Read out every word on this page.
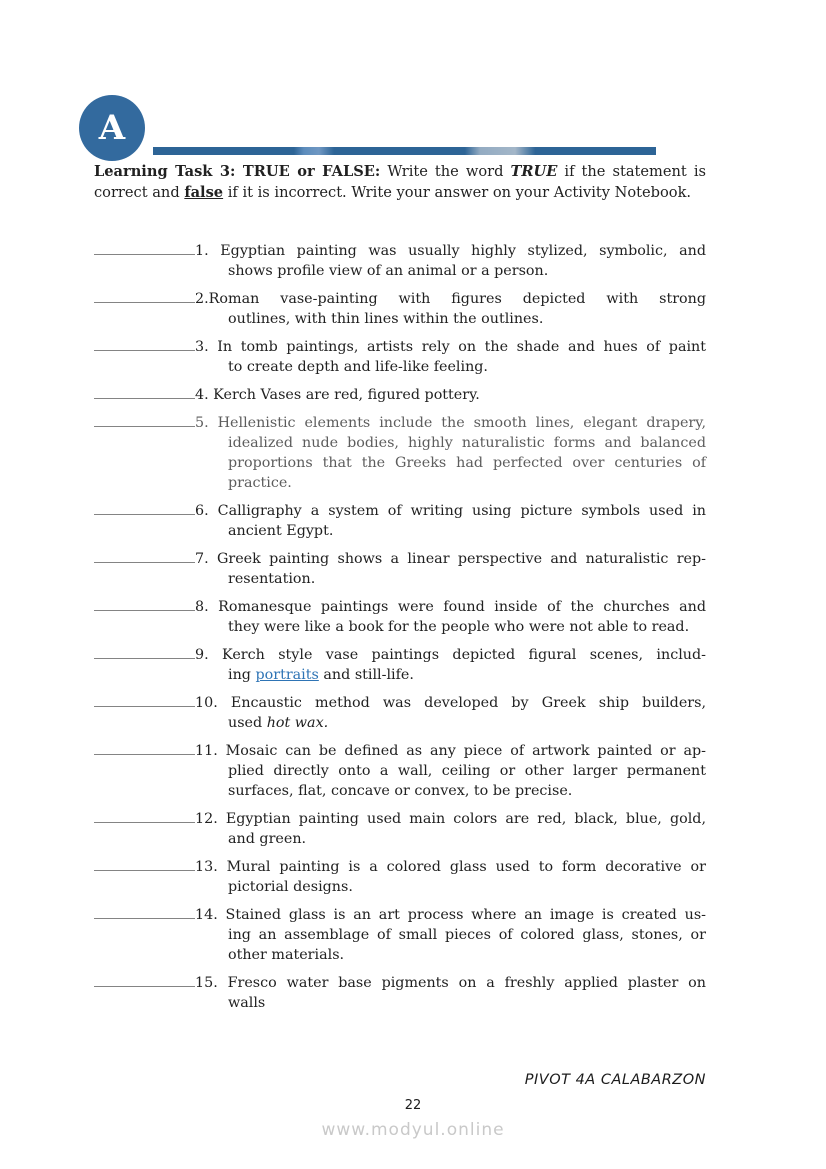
A
Learning Task 3: TRUE or FALSE: Write the word TRUE if the statement is
correct and false if it is incorrect. Write your answer on your Activity Notebook.
1. Egyptian painting was usually highly stylized, symbolic, and
shows profile view of an animal or a person.
2.Roman vase-painting with figures depicted with strong
outlines, with thin lines within the outlines.
3. In tomb paintings, artists rely on the shade and hues of paint
to create depth and life-like feeling.
4. Kerch Vases are red, figured pottery.
5. Hellenistic elements include the smooth lines, elegant drapery,
idealized nude bodies, highly naturalistic forms and balanced
proportions that the Greeks had perfected over centuries of
practice.
6. Calligraphy a system of writing using picture symbols used in
ancient Egypt.
7. Greek painting shows a linear perspective and naturalistic rep-
resentation.
8. Romanesque paintings were found inside of the churches and
they were like a book for the people who were not able to read.
9. Kerch style vase paintings depicted figural scenes, includ-
ing portraits and still-life.
10. Encaustic method was developed by Greek ship builders,
used hot wax.
11. Mosaic can be defined as any piece of artwork painted or ap-
plied directly onto a wall, ceiling or other larger permanent
surfaces, flat, concave or convex, to be precise.
12. Egyptian painting used main colors are red, black, blue, gold,
and green.
13. Mural painting is a colored glass used to form decorative or
pictorial designs.
14. Stained glass is an art process where an image is created us-
ing an assemblage of small pieces of colored glass, stones, or
other materials.
15. Fresco water base pigments on a freshly applied plaster on
walls
PIVOT 4A CALABARZON
22
www.modyul.online
